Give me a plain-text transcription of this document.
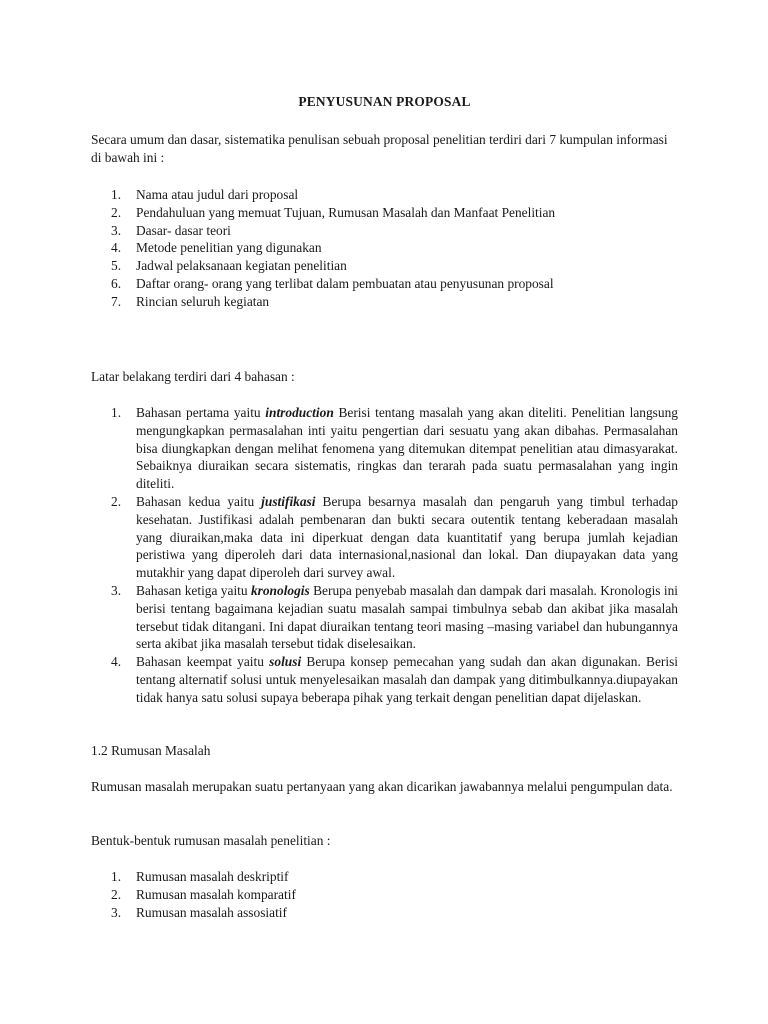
PENYUSUNAN PROPOSAL

Secara umum dan dasar, sistematika penulisan sebuah proposal penelitian terdiri dari 7 kumpulan informasi di bawah ini :

1. Nama atau judul dari proposal
2. Pendahuluan yang memuat Tujuan, Rumusan Masalah dan Manfaat Penelitian
3. Dasar- dasar teori
4. Metode penelitian yang digunakan
5. Jadwal pelaksanaan kegiatan penelitian
6. Daftar orang- orang yang terlibat dalam pembuatan atau penyusunan proposal
7. Rincian seluruh kegiatan

Latar belakang terdiri dari 4 bahasan :

1. Bahasan pertama yaitu introduction Berisi tentang masalah yang akan diteliti. Penelitian langsung mengungkapkan permasalahan inti yaitu pengertian dari sesuatu yang akan dibahas. Permasalahan bisa diungkapkan dengan melihat fenomena yang ditemukan ditempat penelitian atau dimasyarakat. Sebaiknya diuraikan secara sistematis, ringkas dan terarah pada suatu permasalahan yang ingin diteliti.
2. Bahasan kedua yaitu justifikasi Berupa besarnya masalah dan pengaruh yang timbul terhadap kesehatan. Justifikasi adalah pembenaran dan bukti secara outentik tentang keberadaan masalah yang diuraikan,maka data ini diperkuat dengan data kuantitatif yang berupa jumlah kejadian peristiwa yang diperoleh dari data internasional,nasional dan lokal. Dan diupayakan data yang mutakhir yang dapat diperoleh dari survey awal.
3. Bahasan ketiga yaitu kronologis Berupa penyebab masalah dan dampak dari masalah. Kronologis ini berisi tentang bagaimana kejadian suatu masalah sampai timbulnya sebab dan akibat jika masalah tersebut tidak ditangani. Ini dapat diuraikan tentang teori masing –masing variabel dan hubungannya serta akibat jika masalah tersebut tidak diselesaikan.
4. Bahasan keempat yaitu solusi Berupa konsep pemecahan yang sudah dan akan digunakan. Berisi tentang alternatif solusi untuk menyelesaikan masalah dan dampak yang ditimbulkannya.diupayakan tidak hanya satu solusi supaya beberapa pihak yang terkait dengan penelitian dapat dijelaskan.

1.2 Rumusan Masalah

Rumusan masalah merupakan suatu pertanyaan yang akan dicarikan jawabannya melalui pengumpulan data.

Bentuk-bentuk rumusan masalah penelitian :

1. Rumusan masalah deskriptif
2. Rumusan masalah komparatif
3. Rumusan masalah assosiatif
